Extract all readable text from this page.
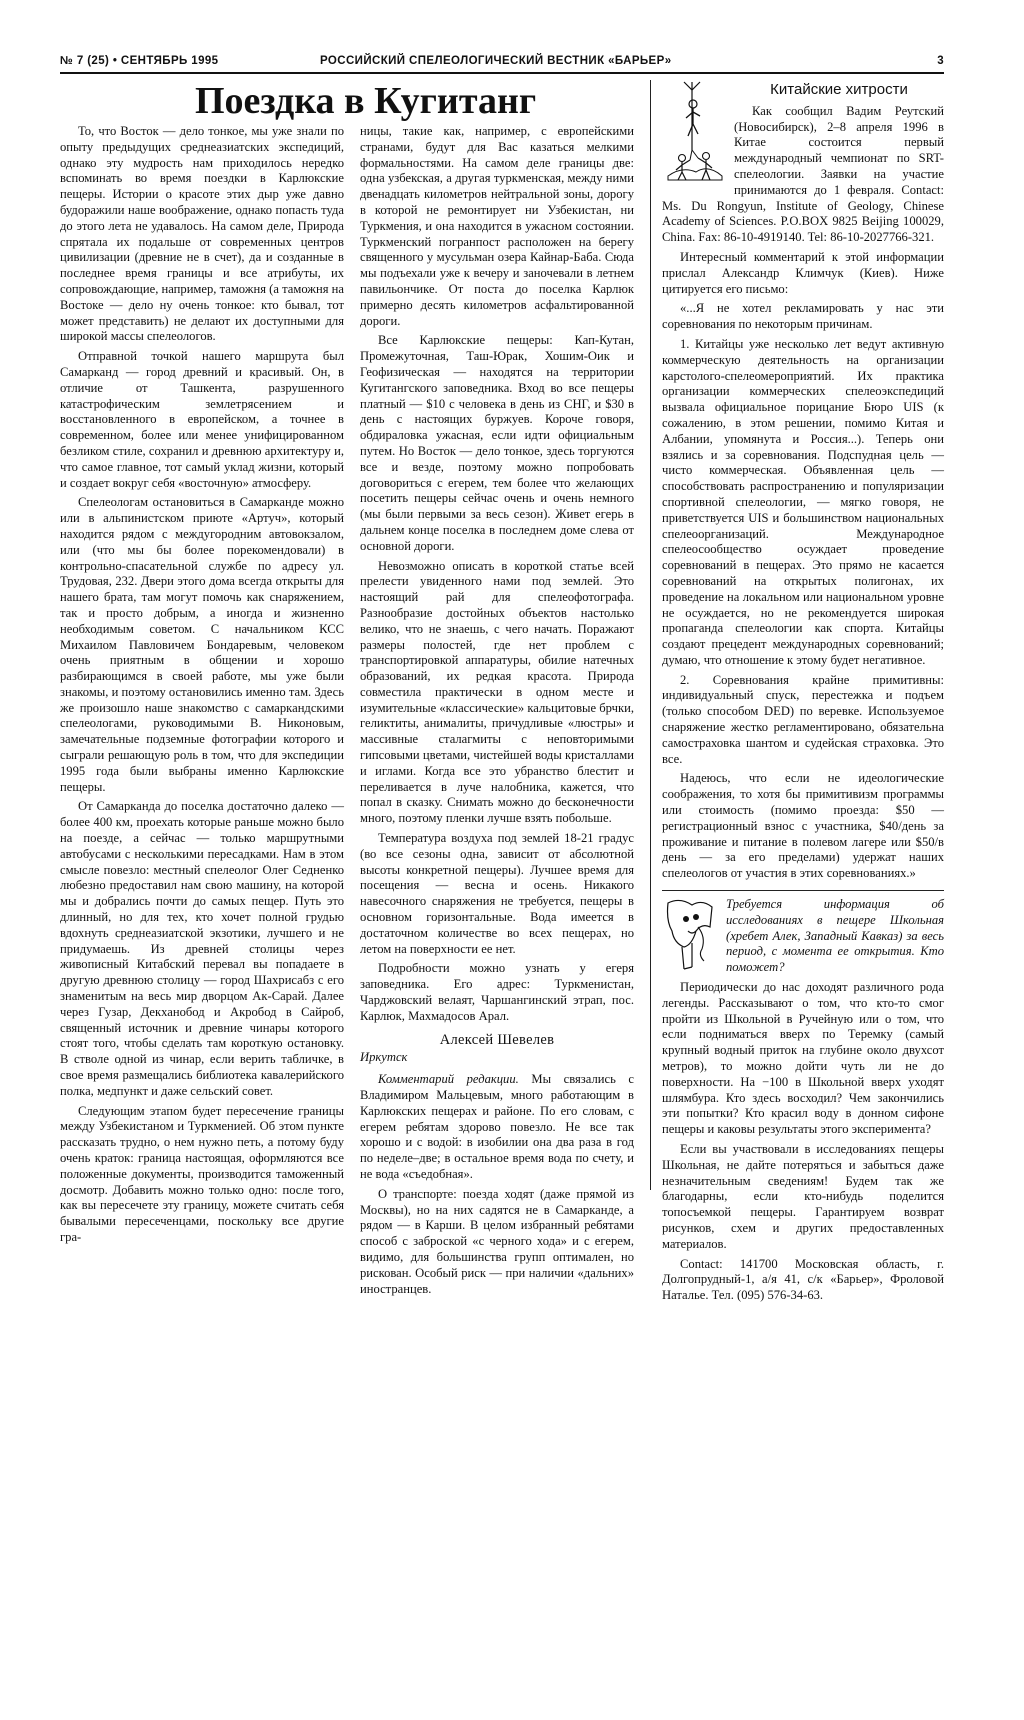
№ 7 (25) • СЕНТЯБРЬ 1995	РОССИЙСКИЙ СПЕЛЕОЛОГИЧЕСКИЙ ВЕСТНИК «БАРЬЕР»	3
Поездка в Кугитанг

То, что Восток — дело тонкое, мы уже знали по опыту предыдущих среднеазиатских экспедиций, однако эту мудрость нам приходилось нередко вспоминать во время поездки в Карлюкские пещеры. Истории о красоте этих дыр уже давно будоражили наше воображение, однако попасть туда до этого лета не удавалось. На самом деле, Природа спрятала их подальше от современных центров цивилизации (древние не в счет), да и созданные в последнее время границы и все атрибуты, их сопровождающие, например, таможня (а таможня на Востоке — дело ну очень тонкое: кто бывал, тот может представить) не делают их доступными для широкой массы спелеологов.

Отправной точкой нашего маршрута был Самарканд — город древний и красивый. Он, в отличие от Ташкента, разрушенного катастрофическим землетрясением и восстановленного в европейском, а точнее в современном, более или менее унифицированном безликом стиле, сохранил и древнюю архитектуру и, что самое главное, тот самый уклад жизни, который и создает вокруг себя «восточную» атмосферу.

Спелеологам остановиться в Самарканде можно или в альпинистском приюте «Артуч», который находится рядом с междугородним автовокзалом, или (что мы бы более порекомендовали) в контрольно-спасательной службе по адресу ул. Трудовая, 232. Двери этого дома всегда открыты для нашего брата, там могут помочь как снаряжением, так и просто добрым, а иногда и жизненно необходимым советом. С начальником КСС Михаилом Павловичем Бондаревым, человеком очень приятным в общении и хорошо разбирающимся в своей работе, мы уже были знакомы, и поэтому остановились именно там. Здесь же произошло наше знакомство с самаркандскими спелеологами, руководимыми В. Никоновым, замечательные подземные фотографии которого и сыграли решающую роль в том, что для экспедиции 1995 года были выбраны именно Карлюкские пещеры.

От Самарканда до поселка достаточно далеко — более 400 км, проехать которые раньше можно было на поезде, а сейчас — только маршрутными автобусами с несколькими пересадками. Нам в этом смысле повезло: местный спелеолог Олег Седненко любезно предоставил нам свою машину, на которой мы и добрались почти до самых пещер. Путь это длинный, но для тех, кто хочет полной грудью вдохнуть среднеазиатской экзотики, лучшего и не придумаешь. Из древней столицы через живописный Китабский перевал вы попадаете в другую древнюю столицу — город Шахрисабз с его знаменитым на весь мир дворцом Ак-Сарай. Далее через Гузар, Декханобод и Акробод в Сайроб, священный источник и древние чинары которого стоят того, чтобы сделать там короткую остановку. В стволе одной из чинар, если верить табличке, в свое время размещались библиотека кавалерийского полка, медпункт и даже сельский совет.

Следующим этапом будет пересечение границы между Узбекистаном и Туркменией. Об этом пункте рассказать трудно, о нем нужно петь, а потому буду очень краток: граница настоящая, оформляются все положенные документы, производится таможенный досмотр. Добавить можно только одно: после того, как вы пересечете эту границу, можете считать себя бывалыми пересеченцами, поскольку все другие гра-

ницы, такие как, например, с европейскими странами, будут для Вас казаться мелкими формальностями. На самом деле границы две: одна узбекская, а другая туркменская, между ними двенадцать километров нейтральной зоны, дорогу в которой не ремонтирует ни Узбекистан, ни Туркмения, и она находится в ужасном состоянии. Туркменский погранпост расположен на берегу священного у мусульман озера Кайнар-Баба. Сюда мы подъехали уже к вечеру и заночевали в летнем павильончике. От поста до поселка Карлюк примерно десять километров асфальтированной дороги.

Все Карлюкские пещеры: Кап-Кутан, Промежуточная, Таш-Юрак, Хошим-Оик и Геофизическая — находятся на территории Кугитангского заповедника. Вход во все пещеры платный — $10 с человека в день из СНГ, и $30 в день с настоящих буржуев. Короче говоря, обдираловка ужасная, если идти официальным путем. Но Восток — дело тонкое, здесь торгуются все и везде, поэтому можно попробовать договориться с егерем, тем более что желающих посетить пещеры сейчас очень и очень немного (мы были первыми за весь сезон). Живет егерь в дальнем конце поселка в последнем доме слева от основной дороги.

Невозможно описать в короткой статье всей прелести увиденного нами под землей. Это настоящий рай для спелеофотографа. Разнообразие достойных объектов настолько велико, что не знаешь, с чего начать. Поражают размеры полостей, где нет проблем с транспортировкой аппаратуры, обилие натечных образований, их редкая красота. Природа совместила практически в одном месте и изумительные «классические» кальцитовые брчки, геликтиты, анималиты, причудливые «люстры» и массивные сталагмиты с неповторимыми гипсовыми цветами, чистейшей воды кристаллами и иглами. Когда все это убранство блестит и переливается в луче налобника, кажется, что попал в сказку. Снимать можно до бесконечности много, поэтому пленки лучше взять побольше.

Температура воздуха под землей 18-21 градус (во все сезоны одна, зависит от абсолютной высоты конкретной пещеры). Лучшее время для посещения — весна и осень. Никакого навесочного снаряжения не требуется, пещеры в основном горизонтальные. Вода имеется в достаточном количестве во всех пещерах, но летом на поверхности ее нет.

Подробности можно узнать у егеря заповедника. Его адрес: Туркменистан, Чарджовский велаят, Чаршангинский этрап, пос. Карлюк, Махмадосов Арал.

Алексей Шевелев
Иркутск

Комментарий редакции. Мы связались с Владимиром Мальцевым, много работающим в Карлюкских пещерах и районе. По его словам, с егерем ребятам здорово повезло. Не все так хорошо и с водой: в изобилии она два раза в год по неделе–две; в остальное время вода по счету, и не вода «съедобная».

О транспорте: поезда ходят (даже прямой из Москвы), но на них садятся не в Самарканде, а рядом — в Карши. В целом избранный ребятами способ с заброской «с черного хода» и с егерем, видимо, для большинства групп оптимален, но рискован. Особый риск — при наличии «дальних» иностранцев.

Китайские хитрости

Как сообщил Вадим Реутский (Новосибирск), 2–8 апреля 1996 в Китае состоится первый международный чемпионат по SRT-спелеологии. Заявки на участие принимаются до 1 февраля. Contact: Ms. Du Rongyun, Institute of Geology, Chinese Academy of Sciences. P.O.BOX 9825 Beijing 100029, China. Fax: 86-10-4919140. Tel: 86-10-2027766-321.

Интересный комментарий к этой информации прислал Александр Климчук (Киев). Ниже цитируется его письмо:

«...Я не хотел рекламировать у нас эти соревнования по некоторым причинам.

1. Китайцы уже несколько лет ведут активную коммерческую деятельность на организации карстолого-спелеомероприятий. Их практика организации коммерческих спелеоэкспедиций вызвала официальное порицание Бюро UIS (к сожалению, в этом решении, помимо Китая и Албании, упомянута и Россия...). Теперь они взялись и за соревнования. Подспудная цель — чисто коммерческая. Объявленная цель — способствовать распространению и популяризации спортивной спелеологии, — мягко говоря, не приветствуется UIS и большинством национальных спелеоорганизаций. Международное спелеосообщество осуждает проведение соревнований в пещерах. Это прямо не касается соревнований на открытых полигонах, их проведение на локальном или национальном уровне не осуждается, но не рекомендуется широкая пропаганда спелеологии как спорта. Китайцы создают прецедент международных соревнований; думаю, что отношение к этому будет негативное.

2. Соревнования крайне примитивны: индивидуальный спуск, перестежка и подъем (только способом DED) по веревке. Используемое снаряжение жестко регламентировано, обязательна самостраховка шантом и судейская страховка. Это все.

Надеюсь, что если не идеологические соображения, то хотя бы примитивизм программы или стоимость (помимо проезда: $50 — регистрационный взнос с участника, $40/день за проживание и питание в полевом лагере или $50/в день — за его пределами) удержат наших спелеологов от участия в этих соревнованиях.»

Требуется информация об исследованиях в пещере Школьная (хребет Алек, Западный Кавказ) за весь период, с момента ее открытия. Кто поможет?

Периодически до нас доходят различного рода легенды. Рассказывают о том, что кто-то смог пройти из Школьной в Ручейную или о том, что если подниматься вверх по Теремку (самый крупный водный приток на глубине около двухсот метров), то можно дойти чуть ли не до поверхности. На −100 в Школьной вверх уходят шлямбура. Кто здесь восходил? Чем закончились эти попытки? Кто красил воду в донном сифоне пещеры и каковы результаты этого эксперимента?

Если вы участвовали в исследованиях пещеры Школьная, не дайте потеряться и забыться даже незначительным сведениям! Будем так же благодарны, если кто-нибудь поделится топосъемкой пещеры. Гарантируем возврат рисунков, схем и других предоставленных материалов.

Contact: 141700 Московская область, г. Долгопрудный-1, а/я 41, с/к «Барьер», Фроловой Наталье. Тел. (095) 576-34-63.
